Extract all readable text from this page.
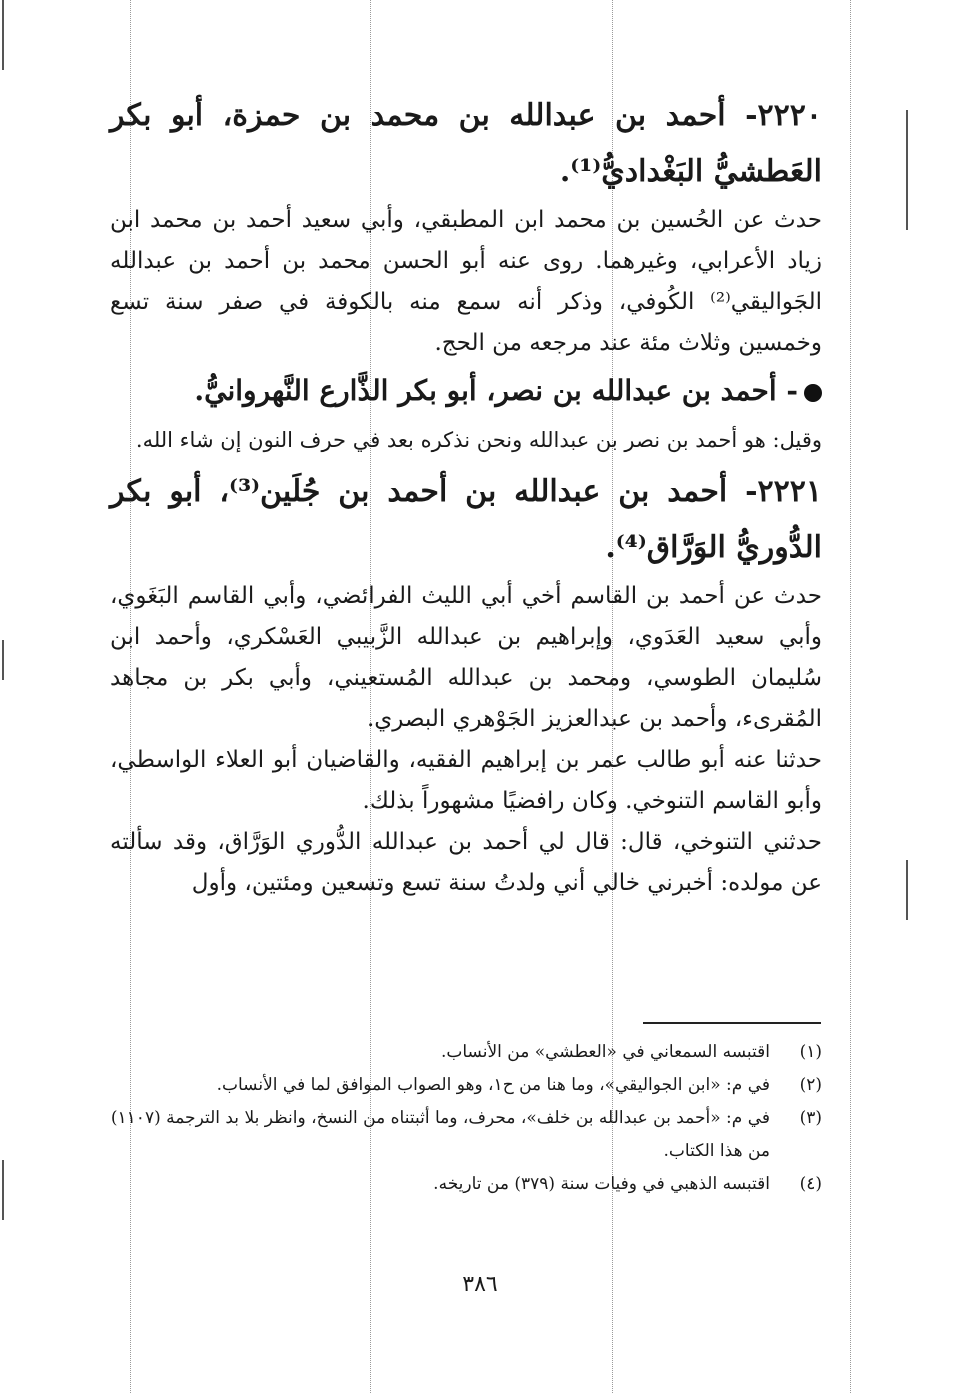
٢٢٢٠- أحمد بن عبدالله بن محمد بن حمزة، أبو بكر العَطشيُّ البَغْداديُّ⁽¹⁾.

حدث عن الحُسين بن محمد ابن المطبقي، وأبي سعيد أحمد بن محمد ابن زياد الأعرابي، وغيرهما. روى عنه أبو الحسن محمد بن أحمد بن عبدالله الجَواليقي⁽²⁾ الكُوفي، وذكر أنه سمع منه بالكوفة في صفر سنة تسع وخمسين وثلاث مئة عند مرجعه من الحج.

- أحمد بن عبدالله بن نصر، أبو بكر الذَّارع النَّهروانيُّ.

وقيل: هو أحمد بن نصر بن عبدالله ونحن نذكره بعد في حرف النون إن شاء الله.

٢٢٢١- أحمد بن عبدالله بن أحمد بن جُلَين⁽³⁾، أبو بكر الدُّوريُّ الوَرَّاق⁽⁴⁾.

حدث عن أحمد بن القاسم أخي أبي الليث الفرائضي، وأبي القاسم البَغَوي، وأبي سعيد العَدَوي، وإبراهيم بن عبدالله الزَّبيبي العَسْكري، وأحمد ابن سُليمان الطوسي، ومحمد بن عبدالله المُستعيني، وأبي بكر بن مجاهد المُقرىء، وأحمد بن عبدالعزيز الجَوْهري البصري.

حدثنا عنه أبو طالب عمر بن إبراهيم الفقيه، والقاضيان أبو العلاء الواسطي، وأبو القاسم التنوخي. وكان رافضيًا مشهوراً بذلك.

حدثني التنوخي، قال: قال لي أحمد بن عبدالله الدُّوري الوَرَّاق، وقد سألته عن مولده: أخبرني خالي أني ولدتُ سنة تسع وتسعين ومئتين، وأول

(١)
اقتبسه السمعاني في «العطشي» من الأنساب.
(٢)
في م: «ابن الجواليقي»، وما هنا من ح١، وهو الصواب الموافق لما في الأنساب.
(٣)
في م: «أحمد بن عبدالله بن خلف»، محرف، وما أثبتناه من النسخ، وانظر بلا بد الترجمة (١١٠٧) من هذا الكتاب.
(٤)
اقتبسه الذهبي في وفيات سنة (٣٧٩) من تاريخه.
٣٨٦
